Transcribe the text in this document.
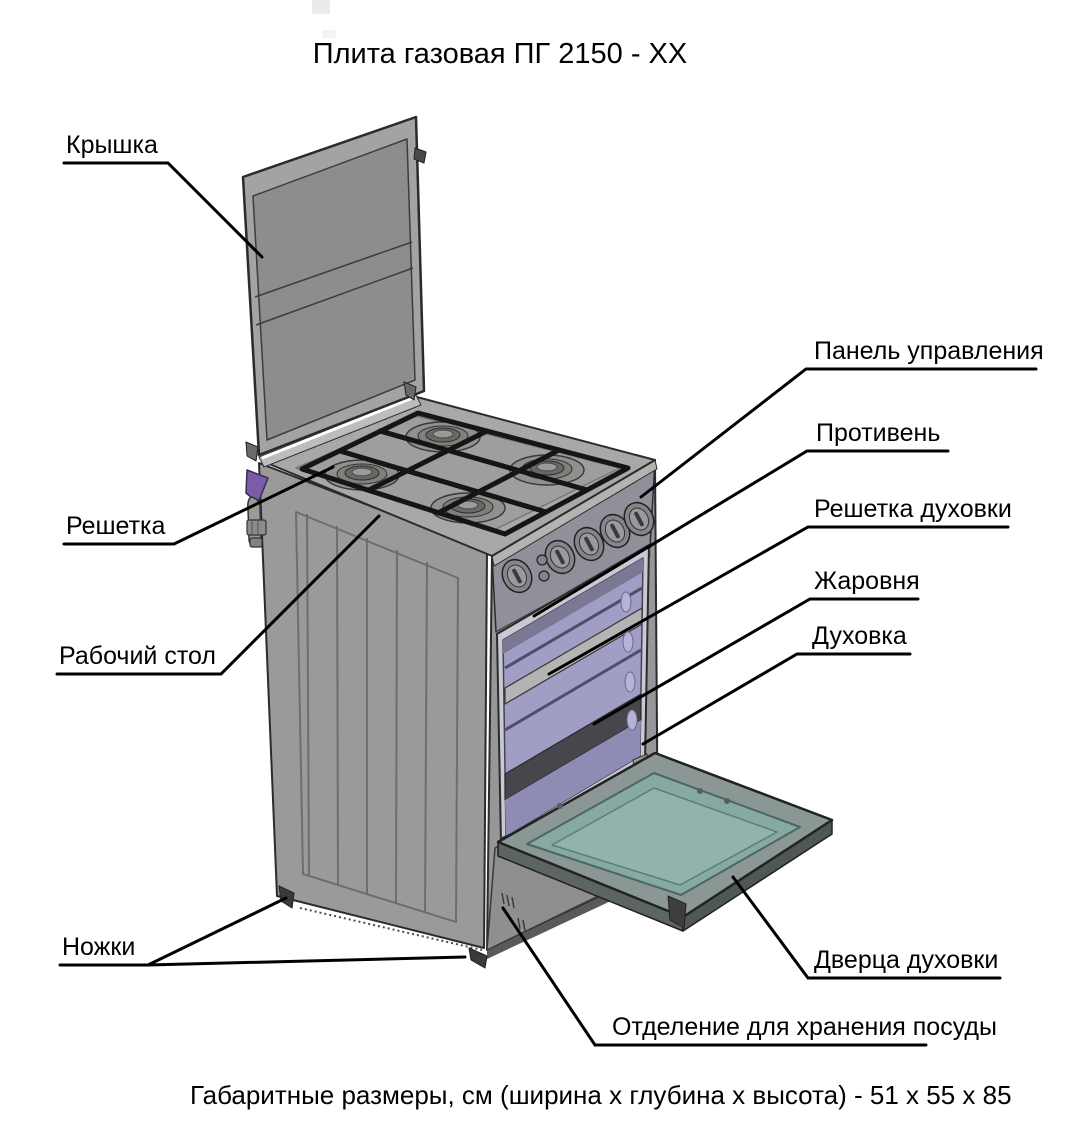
Плита газовая ПГ 2150 - ХХ
Крышка
Панель управления
Противень
Решетка духовки
Жаровня
Духовка
Решетка
Рабочий стол
Ножки	Дверца духовки
Отделение для хранения посуды
Габаритные размеры, см (ширина х глубина х высота) - 51 х 55 х 85
